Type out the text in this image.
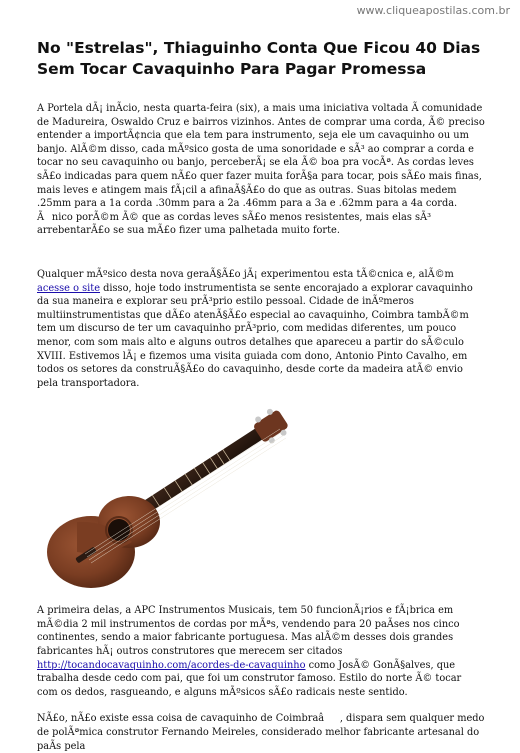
www.cliqueapostilas.com.br
No "Estrelas", Thiaguinho Conta Que Ficou 40 Dias Sem Tocar Cavaquinho Para Pagar Promessa

A Portela dÃ¡ inÃcio, nesta quarta-feira (six), a mais uma iniciativa voltada Ã comunidade de Madureira, Oswaldo Cruz e bairros vizinhos. Antes de comprar uma corda, Ã© preciso entender a importÃ¢ncia que ela tem para instrumento, seja ele um cavaquinho ou um banjo. AlÃ©m disso, cada mÃºsico gosta de uma sonoridade e sÃ³ ao comprar a corda e tocar no seu cavaquinho ou banjo, perceberÃ¡ se ela Ã© boa pra vocÃª. As cordas leves sÃ£o indicadas para quem nÃ£o quer fazer muita forÃ§a para tocar, pois sÃ£o mais finas, mais leves e atingem mais fÃ¡cil a afinaÃ§Ã£o do que as outras. Suas bitolas medem .25mm para a 1a corda .30mm para a 2a .46mm para a 3a e .62mm para a 4a corda. Ãnico porÃ©m Ã© que as cordas leves sÃ£o menos resistentes, mais elas sÃ³ arrebentarÃ£o se sua mÃ£o fizer uma palhetada muito forte.

Qualquer mÃºsico desta nova geraÃ§Ã£o jÃ¡ experimentou esta tÃ©cnica e, alÃ©m acesse o site disso, hoje todo instrumentista se sente encorajado a explorar cavaquinho da sua maneira e explorar seu prÃ³prio estilo pessoal. Cidade de inÃºmeros multiinstrumentistas que dÃ£o atenÃ§Ã£o especial ao cavaquinho, Coimbra tambÃ©m tem um discurso de ter um cavaquinho prÃ³prio, com medidas diferentes, um pouco menor, com som mais alto e alguns outros detalhes que apareceu a partir do sÃ©culo XVIII. Estivemos lÃ¡ e fizemos uma visita guiada com dono, Antonio Pinto Cavalho, em todos os setores da construÃ§Ã£o do cavaquinho, desde corte da madeira atÃ© envio pela transportadora.

A primeira delas, a APC Instrumentos Musicais, tem 50 funcionÃ¡rios e fÃ¡brica em mÃ©dia 2 mil instrumentos de cordas por mÃªs, vendendo para 20 paÃses nos cinco continentes, sendo a maior fabricante portuguesa. Mas alÃ©m desses dois grandes fabricantes hÃ¡ outros construtores que merecem ser citados http://tocandocavaquinho.com/acordes-de-cavaquinho como JosÃ© GonÃ§alves, que trabalha desde cedo com pai, que foi um construtor famoso. Estilo do norte Ã© tocar com os dedos, rasgueando, e alguns mÃºsicos sÃ£o radicais neste sentido.

NÃ£o, nÃ£o existe essa coisa de cavaquinho de Coimbraâ, dispara sem qualquer medo de polÃªmica construtor Fernando Meireles, considerado melhor fabricante artesanal do paÃs pela
